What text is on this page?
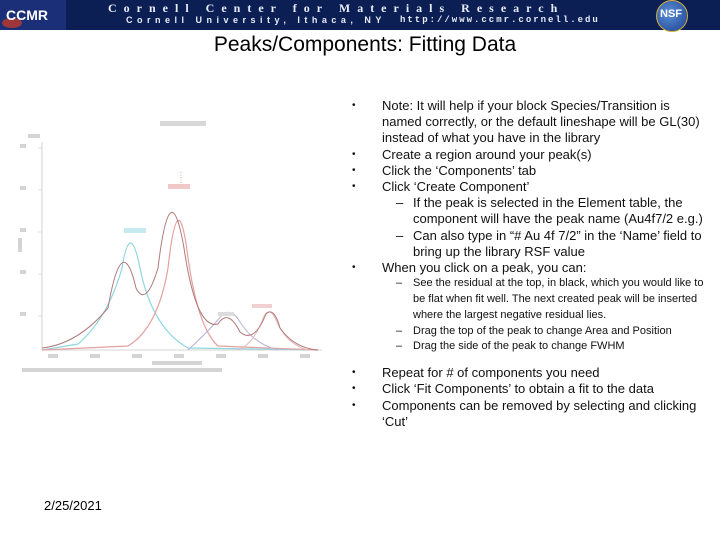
CCMR	Cornell Center for Materials Research
Cornell University, Ithaca, NY http://www.ccmr.cornell.edu	NSF
Peaks/Components: Fitting Data
• Note: It will help if your block Species/Transition is named correctly, or the default lineshape will be GL(30) instead of what you have in the library
• Create a region around your peak(s)
• Click the ‘Components’ tab
• Click ‘Create Component’
– If the peak is selected in the Element table, the component will have the peak name (Au4f7/2 e.g.)
– Can also type in “# Au 4f 7/2” in the ‘Name’ field to bring up the library RSF value
• When you click on a peak, you can:
– See the residual at the top, in black, which you would like to be flat when fit well. The next created peak will be inserted where the largest negative residual lies.
– Drag the top of the peak to change Area and Position
– Drag the side of the peak to change FWHM
• Repeat for # of components you need
• Click ‘Fit Components’ to obtain a fit to the data
• Components can be removed by selecting and clicking ‘Cut’
2/25/2021
